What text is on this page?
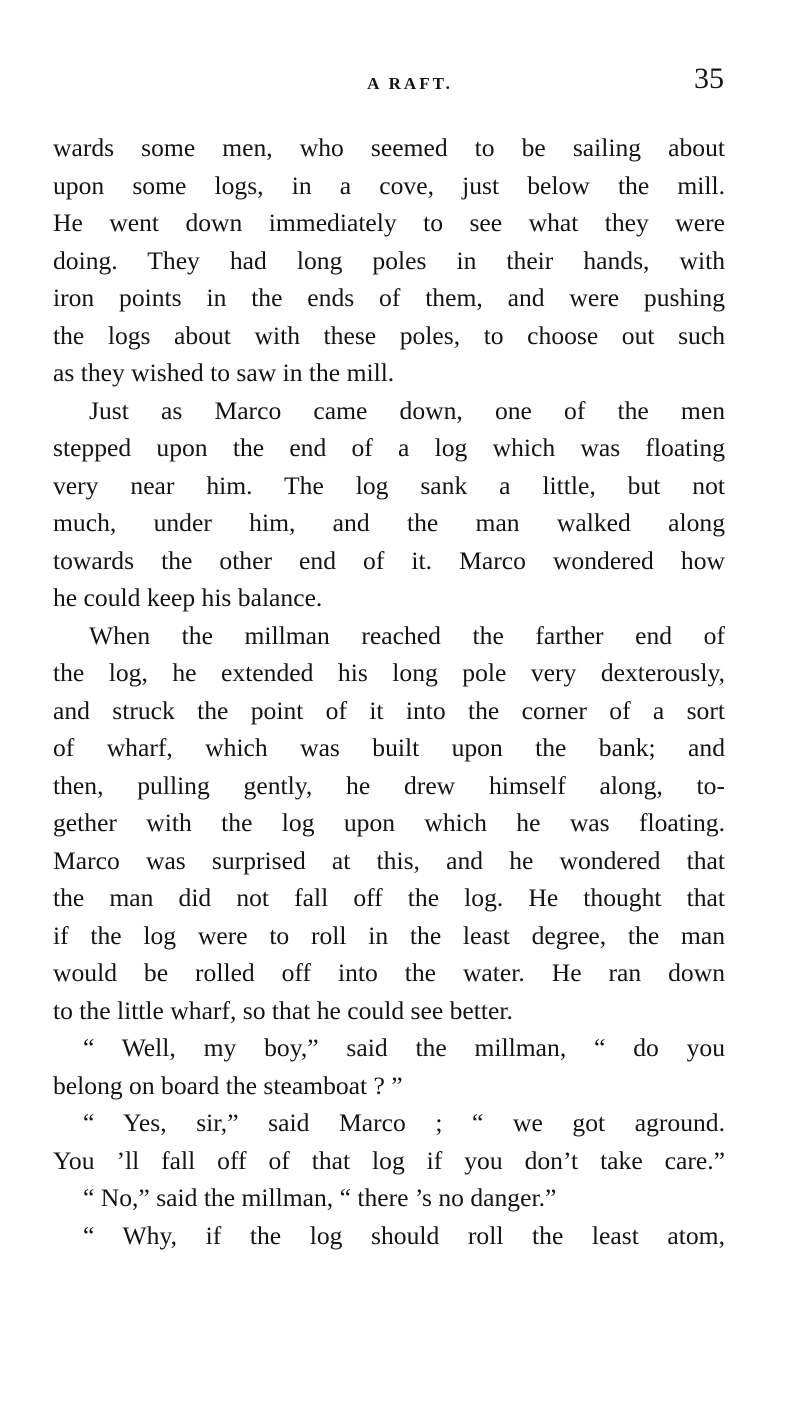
A RAFT.	35
wards some men, who seemed to be sailing about
upon some logs, in a cove, just below the mill.
He went down immediately to see what they were
doing. They had long poles in their hands, with
iron points in the ends of them, and were pushing
the logs about with these poles, to choose out such
as they wished to saw in the mill.
Just as Marco came down, one of the men
stepped upon the end of a log which was floating
very near him. The log sank a little, but not
much, under him, and the man walked along
towards the other end of it. Marco wondered how
he could keep his balance.
When the millman reached the farther end of
the log, he extended his long pole very dexterously,
and struck the point of it into the corner of a sort
of wharf, which was built upon the bank; and
then, pulling gently, he drew himself along, to-
gether with the log upon which he was floating.
Marco was surprised at this, and he wondered that
the man did not fall off the log. He thought that
if the log were to roll in the least degree, the man
would be rolled off into the water. He ran down
to the little wharf, so that he could see better.
“ Well, my boy,” said the millman, “ do you
belong on board the steamboat ? ”
“ Yes, sir,” said Marco ; “ we got aground.
You ’ll fall off of that log if you don’t take care.”
“ No,” said the millman, “ there ’s no danger.”
“ Why, if the log should roll the least atom,
